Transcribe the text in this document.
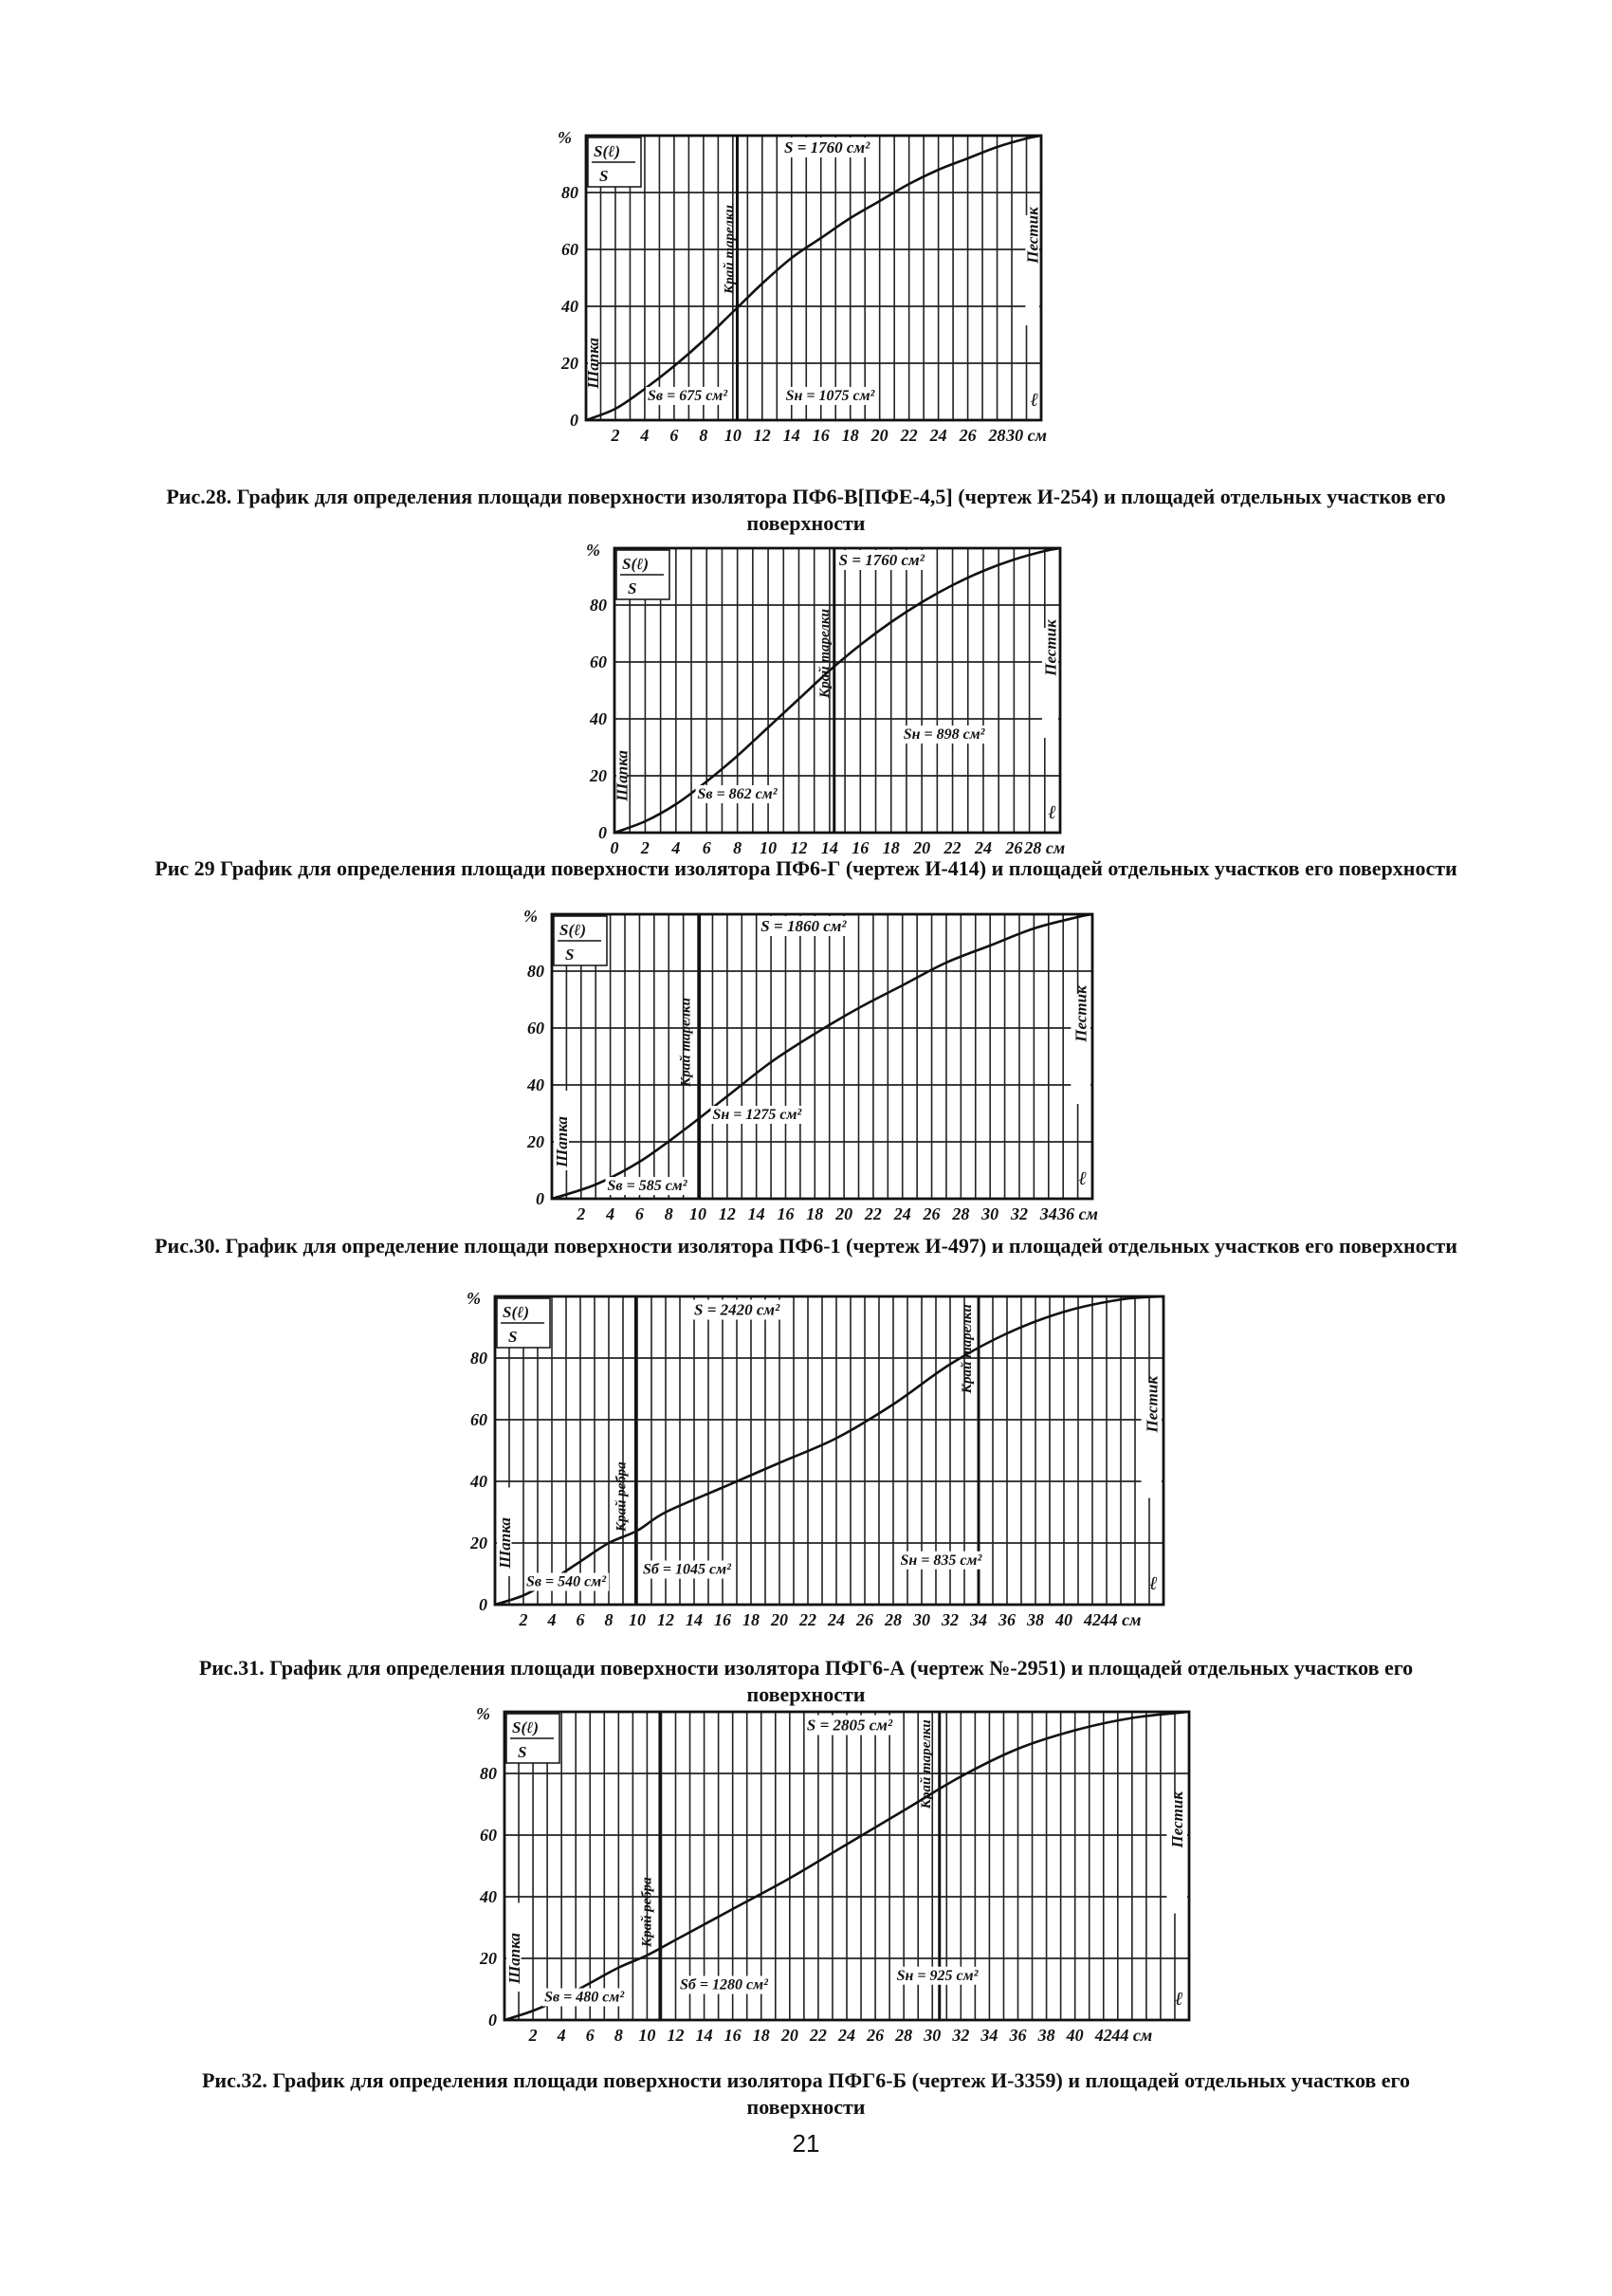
S(ℓ)
S
%
0
20
40
60
80
2 4 6 8 10 12 14 16 18 20 22 24 26 28 30 см
Шапка
Пестик
Край тарелки
S = 1760 см²
Sв = 675 см²	Sн = 1075 см²	ℓ
Рис.28. График для определения площади поверхности изолятора ПФ6-В[ПФЕ-4,5] (чертеж И-254) и площадей отдельных участков его поверхности
S(ℓ)
S
%
0
20
40
60
80
0 2 4 6 8 10 12 14 16 18 20 22 24 26 28 см
Шапка
Пестик
Край тарелки
S = 1760 см²
Sв = 862 см²
Sн = 898 см²
ℓ
Рис 29 График для определения площади поверхности изолятора ПФ6-Г (чертеж И-414) и площадей отдельных участков его поверхности
S(ℓ)
S
%
0
20
40
60
80
2 4 6 8 10 12 14 16 18 20 22 24 26 28 30 32 34 36 см
Шапка
Пестик
Край тарелки
S = 1860 см²
Sв = 585 см²
Sн = 1275 см²
ℓ
Рис.30. График для определение площади поверхности изолятора ПФ6-1 (чертеж И-497) и площадей отдельных участков его поверхности
S(ℓ)
S
%
0
20
40
60
80
2 4 6 8 10 12 14 16 18 20 22 24 26 28 30 32 34 36 38 40 42 44 см
Шапка
Пестик
Край ребра
Край тарелки
S = 2420 см²
Sв = 540 см²
Sб = 1045 см²
Sн = 835 см²
ℓ
Рис.31. График для определения площади поверхности изолятора ПФГ6-А (чертеж №-2951) и площадей отдельных участков его поверхности
S(ℓ)
S
%
0
20
40
60
80
2 4 6 8 10 12 14 16 18 20 22 24 26 28 30 32 34 36 38 40 42 44 см
Шапка
Пестик
Край ребра
Край тарелки
S = 2805 см²
Sв = 480 см²
Sб = 1280 см²
Sн = 925 см²
ℓ
Рис.32. График для определения площади поверхности изолятора ПФГ6-Б (чертеж И-3359) и площадей отдельных участков его поверхности
21
